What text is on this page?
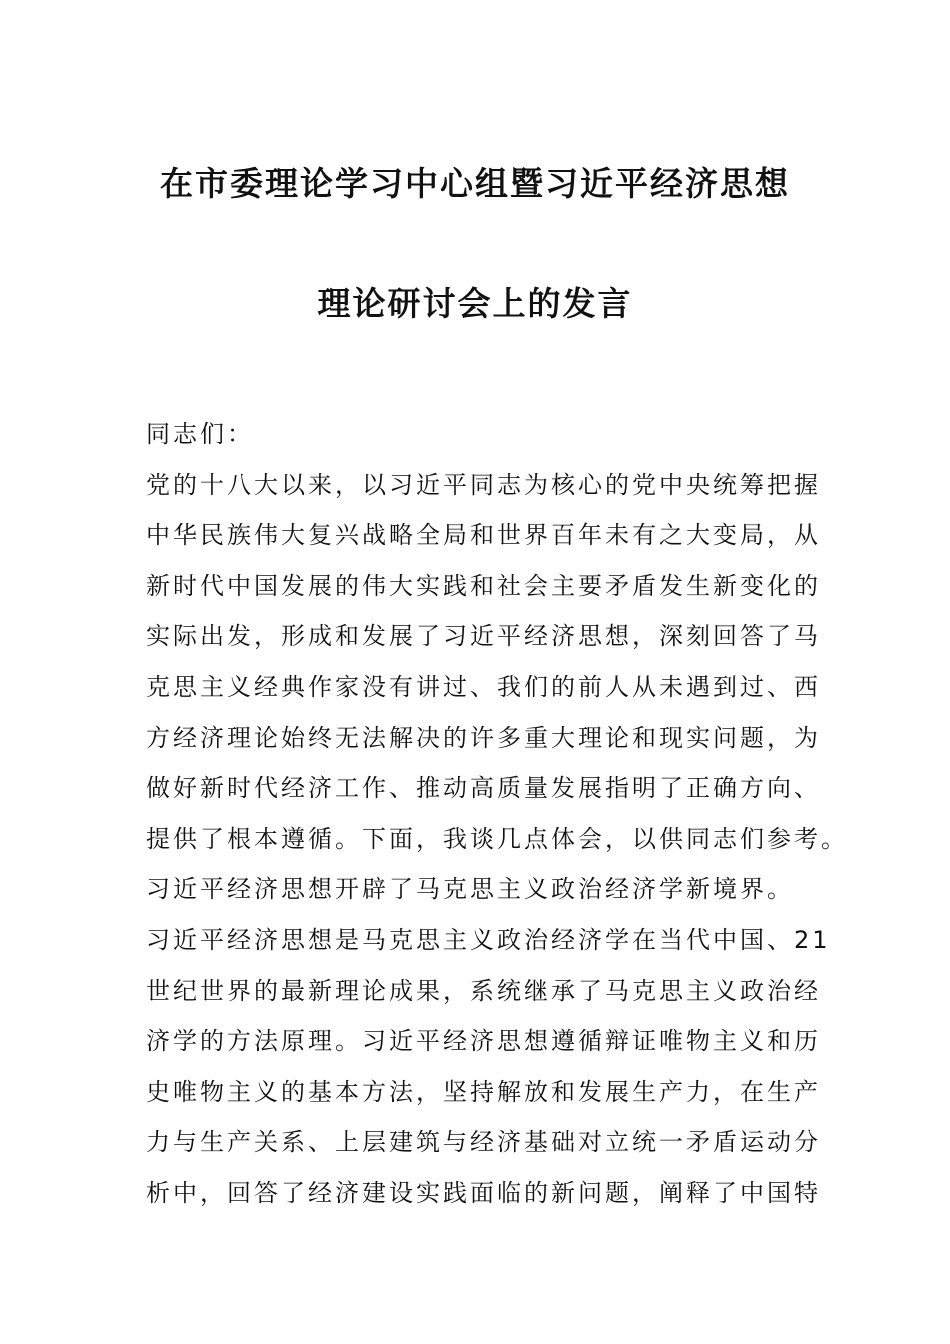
在市委理论学习中心组暨习近平经济思想
理论研讨会上的发言
同志们：
党的十八大以来，以习近平同志为核心的党中央统筹把握
中华民族伟大复兴战略全局和世界百年未有之大变局，从
新时代中国发展的伟大实践和社会主要矛盾发生新变化的
实际出发，形成和发展了习近平经济思想，深刻回答了马
克思主义经典作家没有讲过、我们的前人从未遇到过、西
方经济理论始终无法解决的许多重大理论和现实问题，为
做好新时代经济工作、推动高质量发展指明了正确方向、
提供了根本遵循。下面，我谈几点体会，以供同志们参考。
习近平经济思想开辟了马克思主义政治经济学新境界。
习近平经济思想是马克思主义政治经济学在当代中国、21
世纪世界的最新理论成果，系统继承了马克思主义政治经
济学的方法原理。习近平经济思想遵循辩证唯物主义和历
史唯物主义的基本方法，坚持解放和发展生产力，在生产
力与生产关系、上层建筑与经济基础对立统一矛盾运动分
析中，回答了经济建设实践面临的新问题，阐释了中国特
